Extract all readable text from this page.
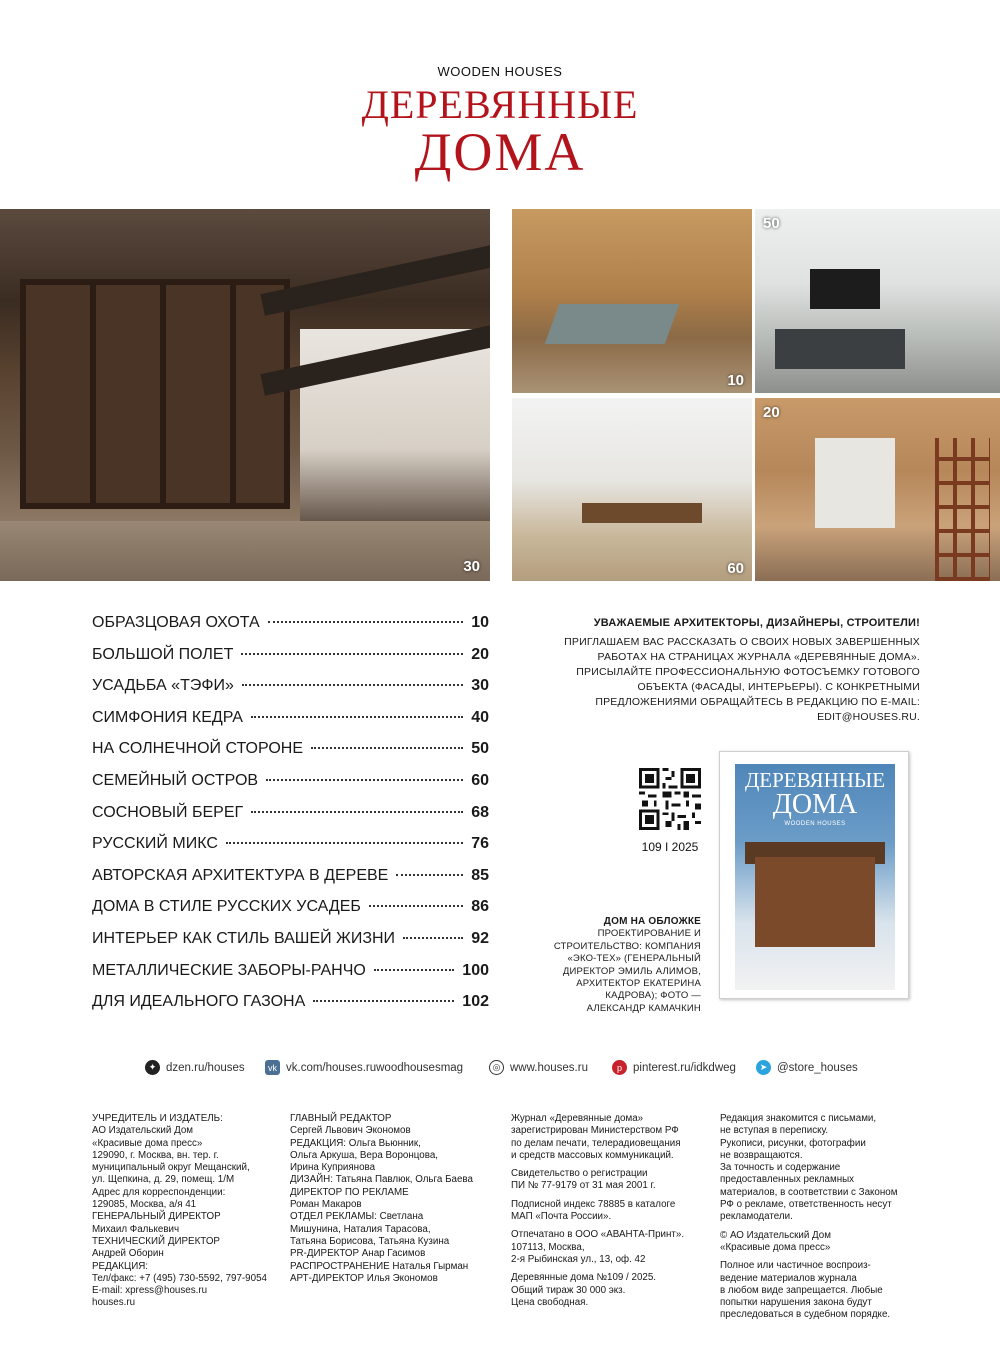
WOODEN HOUSES
ДЕРЕВЯННЫЕ
ДОМА
30
10
50
60
20
ОБРАЗЦОВАЯ ОХОТА	10
БОЛЬШОЙ ПОЛЕТ	20
УСАДЬБА «ТЭФИ»	30
СИМФОНИЯ КЕДРА	40
НА СОЛНЕЧНОЙ СТОРОНЕ	50
СЕМЕЙНЫЙ ОСТРОВ	60
СОСНОВЫЙ БЕРЕГ	68
РУССКИЙ МИКС	76
АВТОРСКАЯ АРХИТЕКТУРА В ДЕРЕВЕ	85
ДОМА В СТИЛЕ РУССКИХ УСАДЕБ	86
ИНТЕРЬЕР КАК СТИЛЬ ВАШЕЙ ЖИЗНИ	92
МЕТАЛЛИЧЕСКИЕ ЗАБОРЫ-РАНЧО	100
ДЛЯ ИДЕАЛЬНОГО ГАЗОНА	102
УВАЖАЕМЫЕ АРХИТЕКТОРЫ, ДИЗАЙНЕРЫ, СТРОИТЕЛИ!
ПРИГЛАШАЕМ ВАС РАССКАЗАТЬ О СВОИХ НОВЫХ ЗАВЕРШЕННЫХ РАБОТАХ НА СТРАНИЦАХ ЖУРНАЛА «ДЕРЕВЯННЫЕ ДОМА». ПРИСЫЛАЙТЕ ПРОФЕССИОНАЛЬНУЮ ФОТОСЪЕМКУ ГОТОВОГО ОБЪЕКТА (ФАСАДЫ, ИНТЕРЬЕРЫ). С КОНКРЕТНЫМИ ПРЕДЛОЖЕНИЯМИ ОБРАЩАЙТЕСЬ В РЕДАКЦИЮ ПО E-MAIL: EDIT@HOUSES.RU.
109 I 2025
ДЕРЕВЯННЫЕ
ДОМА
WOODEN HOUSES
ДОМ НА ОБЛОЖКЕ
ПРОЕКТИРОВАНИЕ И
СТРОИТЕЛЬСТВО: КОМПАНИЯ
«ЭКО-ТЕХ» (ГЕНЕРАЛЬНЫЙ
ДИРЕКТОР ЭМИЛЬ АЛИМОВ,
АРХИТЕКТОР ЕКАТЕРИНА
КАДРОВА); ФОТО —
АЛЕКСАНДР КАМАЧКИН
✦ dzen.ru/houses	vk vk.com/houses.ruwoodhousesmag	◎ www.houses.ru	p pinterest.ru/idkdweg	➤ @store_houses
УЧРЕДИТЕЛЬ И ИЗДАТЕЛЬ:
АО Издательский Дом
«Красивые дома пресс»
129090, г. Москва, вн. тер. г.
муниципальный округ Мещанский,
ул. Щепкина, д. 29, помещ. 1/М
Адрес для корреспонденции:
129085, Москва, а/я 41
ГЕНЕРАЛЬНЫЙ ДИРЕКТОР
Михаил Фалькевич
ТЕХНИЧЕСКИЙ ДИРЕКТОР
Андрей Оборин
РЕДАКЦИЯ:
Тел/факс: +7 (495) 730-5592, 797-9054
E-mail: xpress@houses.ru
houses.ru
ГЛАВНЫЙ РЕДАКТОР
Сергей Львович Экономов
РЕДАКЦИЯ: Ольга Вьюнник,
Ольга Аркуша, Вера Воронцова,
Ирина Куприянова
ДИЗАЙН: Татьяна Павлюк, Ольга Баева
ДИРЕКТОР ПО РЕКЛАМЕ
Роман Макаров
ОТДЕЛ РЕКЛАМЫ: Светлана
Мишунина, Наталия Тарасова,
Татьяна Борисова, Татьяна Кузина
PR-ДИРЕКТОР Анар Гасимов
РАСПРОСТРАНЕНИЕ Наталья Гырман
АРТ-ДИРЕКТОР Илья Экономов
Журнал «Деревянные дома»
зарегистрирован Министерством РФ
по делам печати, телерадиовещания
и средств массовых коммуникаций.
Свидетельство о регистрации
ПИ № 77-9179 от 31 мая 2001 г.
Подписной индекс 78885 в каталоге
МАП «Почта России».
Отпечатано в ООО «АВАНТА-Принт».
107113, Москва,
2-я Рыбинская ул., 13, оф. 42
Деревянные дома №109 / 2025.
Общий тираж 30 000 экз.
Цена свободная.
Редакция знакомится с письмами,
не вступая в переписку.
Рукописи, рисунки, фотографии
не возвращаются.
За точность и содержание
предоставленных рекламных
материалов, в соответствии с Законом
РФ о рекламе, ответственность несут
рекламодатели.
© АО Издательский Дом
«Красивые дома пресс»
Полное или частичное воспроиз-
ведение материалов журнала
в любом виде запрещается. Любые
попытки нарушения закона будут
преследоваться в судебном порядке.
